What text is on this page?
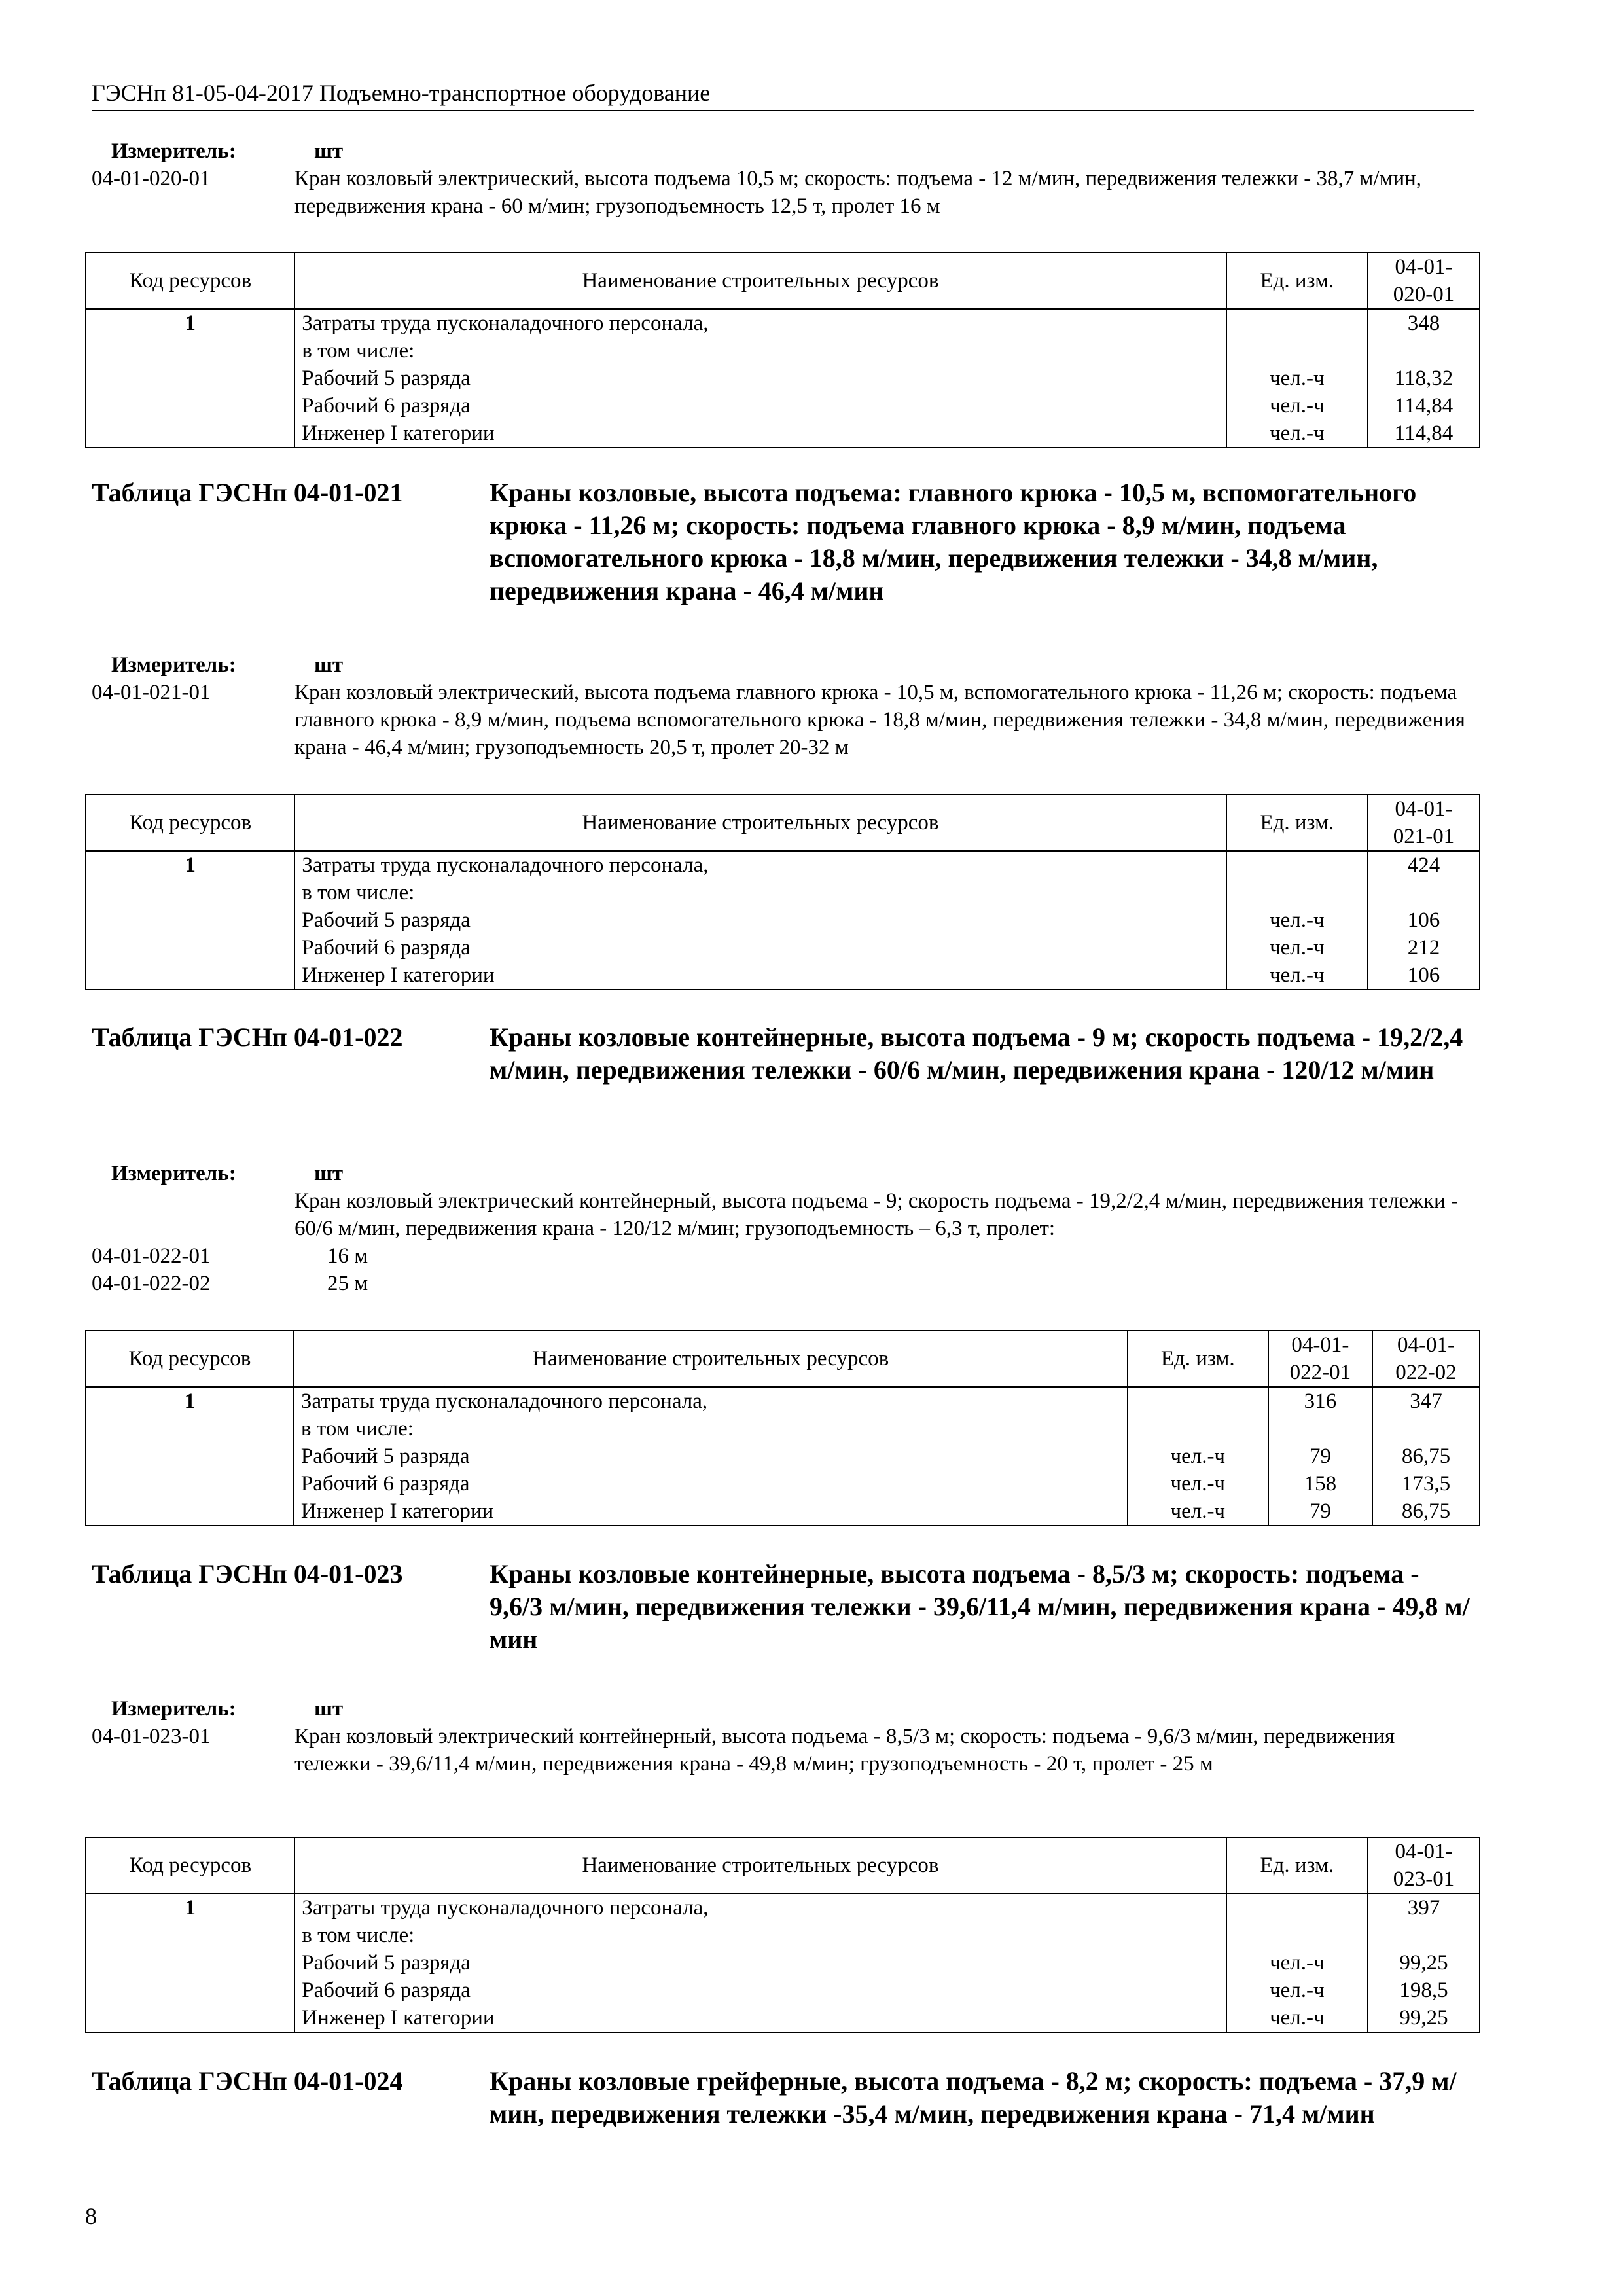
ГЭСНп 81-05-04-2017 Подъемно-транспортное оборудование
Измеритель:	шт
04-01-020-01	Кран козловый электрический, высота подъема 10,5 м; скорость: подъема - 12 м/мин, передвижения тележки - 38,7 м/мин, передвижения крана - 60 м/мин; грузоподъемность 12,5 т, пролет 16 м
Код ресурсов	Наименование строительных ресурсов	Ед. изм.	04-01-
020-01
1	Затраты труда пусконаладочного персонала,		348
	в том числе:		
	Рабочий 5 разряда	чел.-ч	118,32
	Рабочий 6 разряда	чел.-ч	114,84
	Инженер I категории	чел.-ч	114,84
Таблица ГЭСНп 04-01-021	Краны козловые, высота подъема: главного крюка - 10,5 м, вспомогательного крюка - 11,26 м; скорость: подъема главного крюка - 8,9 м/мин, подъема вспомогательного крюка - 18,8 м/мин, передвижения тележки - 34,8 м/мин, передвижения крана - 46,4 м/мин
Измеритель:	шт
04-01-021-01	Кран козловый электрический, высота подъема главного крюка - 10,5 м, вспомогательного крюка - 11,26 м; скорость: подъема главного крюка - 8,9 м/мин, подъема вспомогательного крюка - 18,8 м/мин, передвижения тележки - 34,8 м/мин, передвижения крана - 46,4 м/мин; грузоподъемность 20,5 т, пролет 20-32 м
Код ресурсов	Наименование строительных ресурсов	Ед. изм.	04-01-
021-01
1	Затраты труда пусконаладочного персонала,		424
	в том числе:		
	Рабочий 5 разряда	чел.-ч	106
	Рабочий 6 разряда	чел.-ч	212
	Инженер I категории	чел.-ч	106
Таблица ГЭСНп 04-01-022	Краны козловые контейнерные, высота подъема - 9 м; скорость подъема - 19,2/2,4 м/мин, передвижения тележки - 60/6 м/мин, передвижения крана - 120/12 м/мин
Измеритель:	шт
Кран козловый электрический контейнерный, высота подъема - 9; скорость подъема - 19,2/2,4 м/мин, передвижения тележки - 60/6 м/мин, передвижения крана - 120/12 м/мин; грузоподъемность – 6,3 т, пролет:
04-01-022-01	16 м
04-01-022-02	25 м
Код ресурсов	Наименование строительных ресурсов	Ед. изм.	04-01-
022-01	04-01-
022-02
1	Затраты труда пусконаладочного персонала,		316	347
	в том числе:			
	Рабочий 5 разряда	чел.-ч	79	86,75
	Рабочий 6 разряда	чел.-ч	158	173,5
	Инженер I категории	чел.-ч	79	86,75
Таблица ГЭСНп 04-01-023	Краны козловые контейнерные, высота подъема - 8,5/3 м; скорость: подъема - 9,6/3 м/мин, передвижения тележки - 39,6/11,4 м/мин, передвижения крана - 49,8 м/мин
Измеритель:	шт
04-01-023-01	Кран козловый электрический контейнерный, высота подъема - 8,5/3 м; скорость: подъема - 9,6/3 м/мин, передвижения тележки - 39,6/11,4 м/мин, передвижения крана - 49,8 м/мин; грузоподъемность - 20 т, пролет - 25 м
Код ресурсов	Наименование строительных ресурсов	Ед. изм.	04-01-
023-01
1	Затраты труда пусконаладочного персонала,		397
	в том числе:		
	Рабочий 5 разряда	чел.-ч	99,25
	Рабочий 6 разряда	чел.-ч	198,5
	Инженер I категории	чел.-ч	99,25
Таблица ГЭСНп 04-01-024	Краны козловые грейферные, высота подъема - 8,2 м; скорость: подъема - 37,9 м/мин, передвижения тележки -35,4 м/мин, передвижения крана - 71,4 м/мин
8
